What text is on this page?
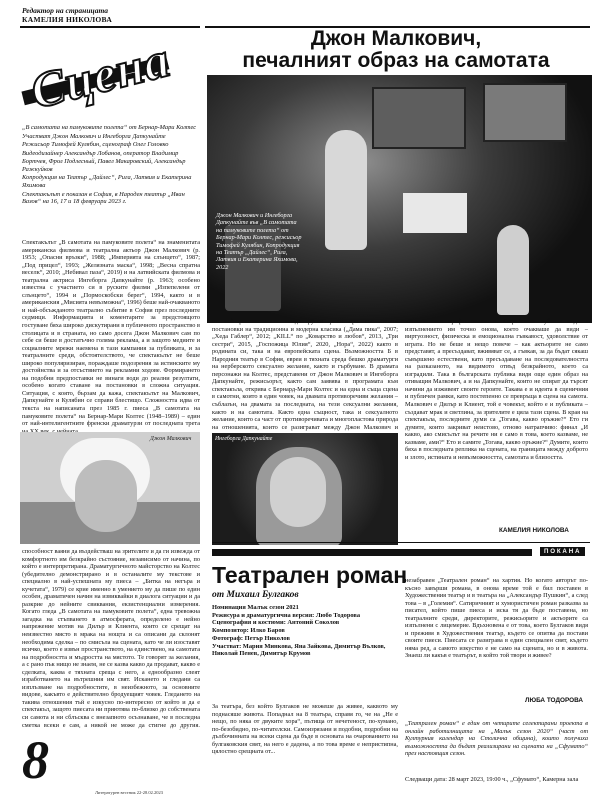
Редактор на страницата
КАМЕЛИЯ НИКОЛОВА
Сцена	Джон Малкович,
печалният образ на самотата
Джон Малкович и Ингеборга Дапкунайте във „В самотата на памуковите полета“ от Бернар-Мари Колтес, режисьор Тимофей Кулябин, Копродукция на Театър „Дайлес“, Рига, Латвия и Екатерина Яхимова, 2022

„В самотата на памуковите полета“ от Бернар-Мари Колтес

Участват Джон Малкович и Ингеборга Дапкунайте

Режисьор Тимофей Кулябин, сценограф Олег Головко

Видеодизайнер Александър Лобанов, оператор Владимир Бортчев, Фрол Подлесный, Павел Макаровский, Александър Ражкуйков

Копродукция на Театър „Дайлес“, Рига, Латвия и Екатерина Яхимова

Спектакълът е показан в София, в Народен театър „Иван Вазов“ на 16, 17 и 18 февруари 2023 г.

Спектакълът „В самотата на памуковите полета“ на знаменитата американска филмова и театрална актьор Джон Малкович (р. 1953; „Опасни връзки“, 1988; „Империята на слънцето“, 1987; „Под прицел“, 1993; „Желязната маска“, 1998; „Весна спратна веселк“, 2010; „Небивал паза“, 2019) и на латвийската филмова и театрална актриса Ингеборга Дапкунайте (р. 1963; особено известна с участието си в руските филми „Изпепелени от слънцето“, 1994 и „Пормоскобски берег“, 1994, както и в американския „Мисията невъзможна“, 1996) беше най-очакваното и най-обсъжданото театрално събитие в София през последните седмици. Информацията и коментарите за предстоящото гостуване бяха широко дискутирани в публичното пространство в столицата и в страната, но само досега Джон Малкович сам по себе си беше в достатъчно голяма реклама, а и защото медиите и социалните мрежи наемена в тази кампания за публиката, и за театралните среди, обстоятелството, че спектакълът не беше широко популяризиран, пораждаше подозрения за истинските му достойнства и за отсъствието на рекламни ходове. Формирането на подобни предпоставки не винаги води до реални резултати, особено когато ставане на постановки в сложна ситуация. Ситуация, с която, бързам да кажа, спектакълът на Малкович, Дапкунайте и Кулябин се справи блестящо. Сложността идва от текста на написаната през 1985 г. пиеса „В самотата на памуковите полета“ на Бернар-Мари Колтес (1948–1989) – един от най-интелигентните френски драматурзи от последната трета
Джон Малкович
способност ваяни да въздействаш на зрителите и да ги извежда от комфортното им безкрайно състояние, независимо от начина, по който е интерпретирана. Драматургичното майсторство на Колтес (убедително демонстрирано и в останалите му текстове и специално в най-успешната му пиеса – „Битка на негъра и кучетата“, 1979) се крие именно в умението му да пише по един особен, драматичен начин на извиквайки в диалога ситуации и да разкрие до нейните свиквания, екзистенциални измерения. Когато гледа „В самотата на памуковите полета“, една тревожна загадка на стъпването в атмосферата, определено е нейно напрежение мотив на Дилър и Клиента, които се срещат на неизвестно място в мрака на нощта и са описани да склонят необходима сделка – по смисъла на сцената, като че ли изоставят всичко, което е извън пространството, на единствено, на самотата на подробността и мъдростта на мястото. Те говорят за желания, а с рано пък нищо не знаем, не се казва какво да продават, какво е сделката, каква е тяхната среща с него, а еднообразно слеят изработването на вътрешния им свят. Искането и гледани са изплъзване на подробностите, в неизбежното, за основните видове, какъвто е действително бродуещият човек. Гледането на такива отношения тъй е изкусно по-интересно от който и да е спектакъл, защото пиесата ни приютява по-близко до собствената си самота и ни сблъсква с внезапното осъзнаване, че в последна сметка всеки е сам, а никой не може да стигне до другия.
от най-провокативните млади руски режисьори със своите постановки на традиционна и модерна класика („Дама пика“, 2007; „Хеда Габлер“, 2012; „KILL“ по „Коварство и любов“, 2013, „Три сестри“, 2015, „Госпожица Юлия“, 2020, „Нора“, 2022) както в родината си, така и на европейската сцена. Възможността Б в Народния театър в София, евреи в тяхната среда бешко драматурги на нерберското сексуално желание, както и гърбуване. В драмата персонажи на Колтес, представени от Джон Малкович и Ингеборга Дапкунайте, режисьорът, както сам заявява в програмата към спектакъла, открива с Бернард-Мари Колтес и на една и съща сцена в самотни, които в един човек, на двамата противоречиви желания – съблазън, на двамата за последната, на тези сексуални желания, както и на самотата. Както една същност, така и сексуалното желание, които са част от противоречивата и многопластова природа на отношенията, които се разиграват между Джон Малкович и
изключителен професионализъм. Софийската публика видя в изпълнението им точно онова, което очакваше да види – виртуозност, физическа и емоционална гъвкавост, удоволствие от играта. Но не беше и нещо повече – как актьорите не само представят, а пресъздават, вживяват се, а гъвкав, за да бъдат сякаш съвършено естествени, като пресъздаване на последователността на разказаното, на видимото отвъд безкрайното, което са изградили. Така в българската публика видя още един образ на отиващия Малкович, а и на Дапкунайте, които не спират да търсят начини да изживеят своите героите. Такава е и идеята в сценичния и публичен рамки, като постепенно се превръща в сцена на самота. Малкович е Дилър и Клиент, той е човекът, който е и публиката – създават мрак и светлина, за зрителите е цяла тази сцена. В края на спектакъла, последните думи са „Тогава, какво оръжие?“ Ето ги думите, които закриват неистово, отново натрапчиво: финал „И какво, ако смисълът на речите ни е само в това, което казваме, не казваме, ами?“ Ето и самите „Тогава, какво оръжие?“ Думите, които бяха в последната реплика на сцената, на границата между доброто и злото, истината и невъзможността, самотата и близостта.
Ингеборга Дапкунайте
КАМЕЛИЯ НИКОЛОВА
ПОКАНА
Театрален роман
от Михаил Булгаков

Номинация Малък сезон 2021

Режисура и драматургична версия: Любо Тодорова

Сценография и костюми: Антоний Соколов

Композитор: Илко Баров

Фотограф: Петър Николов

Участват: Мария Минкова, Яна Зайкова, Димитър Вълков, Николай Пенев, Димитър Крумов

За театъра, без който Булгаков не можеше да живее, каквото му поднасяше живота. Попаднал на 8 театъра, справя го, че на „Не е нещо, по няка от двуките хора“, пътища от нечетеност, по-хумано, по-безобидно, по-читателски. Самоизрязани и подобни, подробни на дълбочинната на всеки сцена да бъде в основата на очарованието на булгаковския свят, на него е дадена, а по това време е непристипна, цялостно срещната от...
незабравен „Театрален роман“ на хартия. Но когато авторът по-късно завърши романа, в онова време той е бил поставен в Художествения театър и в театъра на „Александър Пушкин“, а след това – в „Големия“. Сатиричният и хумористичен роман разказва за писател, който пише пиеса и иска тя да бъде поставена, но театралните среди, директорите, режисьорите и актьорите са изпълнени с лицемерие. Вдъхновена е от това, което Булгаков видя и преживя в Художествения театър, където се опитва да постави своите пиеси. Пиесата се разиграва в един специален свят, където няма ред, а самото изкуство е не само на сцената, но и в живота. Знаеш ли какъв е театърът, в който той твори и живее?
ЛЮБА ТОДОРОВА
„Театрален роман“ е един от четирите селектирани проекта в онлайн работилницата на „Малък сезон 2020“ (част от Културния календар на Столична община), които получиха възможността да бъдат реализирани на сцената на „Сфумато“ през настоящия сезон.
Следващи дата: 28 март 2023, 19:00 ч., „Сфумато“, Камерна зала
8
Литературен вестник 22-28.02.2023
